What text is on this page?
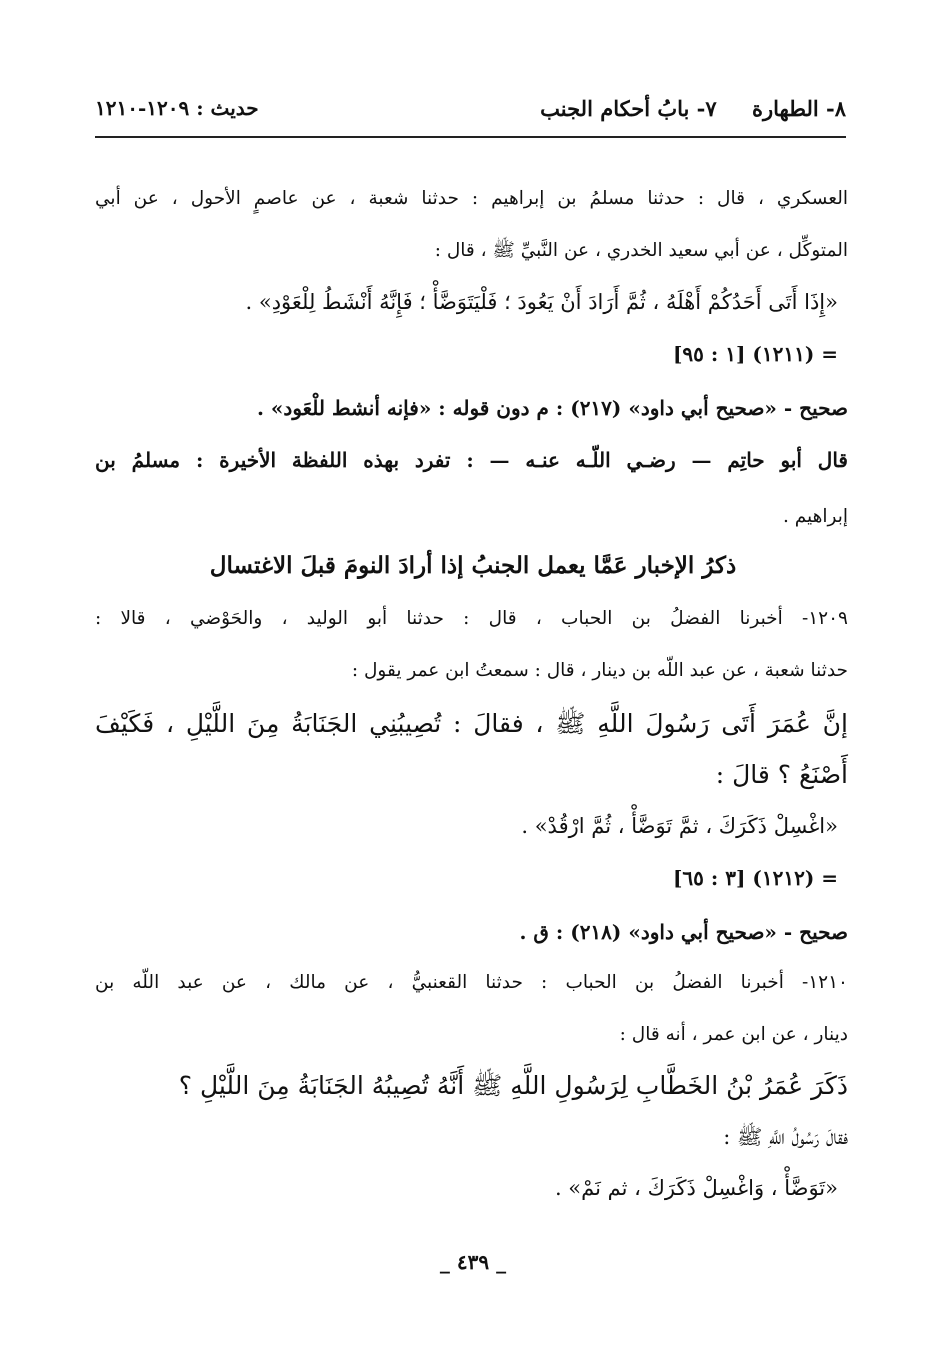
٨- الطهارة ٧- بابُ أحكام الجنب
حديث : ١٢٠٩-١٢١٠
العسكري ، قال : حدثنا مسلمُ بن إبراهيم : حدثنا شعبة ، عن عاصمٍ الأحول ، عن أبي
المتوكِّل ، عن أبي سعيد الخدري ، عن النَّبيِّ ﷺ ، قال :
«إِذَا أَتَى أَحَدُكُمْ أَهْلَهُ ، ثُمَّ أَرَادَ أَنْ يَعُودَ ؛ فَلْيَتَوَضَّأْ ؛ فَإِنَّهُ أَنْشَطُ لِلْعَوْدِ» .
= (١٢١١) [١ : ٩٥]
صحيح - «صحيح أبي داود» (٢١٧) : م دون قوله : «فإنه أنشط للْعَود» .
قال أبو حاتِم — رضـي اللّـه عنـه — : تفرد بهذه اللفظة الأخيرة : مسلمُ بن
إبراهيم .
ذكرُ الإخبار عَمَّا يعمل الجنبُ إذا أرادَ النومَ قبلَ الاغتسال
١٢٠٩- أخبرنا الفضلُ بن الحباب ، قال : حدثنا أبو الوليد ، والحَوْضي ، قالا :
حدثنا شعبة ، عن عبد اللّه بن دينار ، قال : سمعتُ ابن عمر يقول :
إنَّ عُمَرَ أَتَى رَسُولَ اللَّهِ ﷺ ، فقالَ : تُصِيبُنِي الجَنَابَةُ مِنَ اللَّيْلِ ، فَكَيْفَ
أَصْنَعُ ؟ قالَ :
«اغْسِلْ ذَكَرَكَ ، ثمَّ تَوَضَّأْ ، ثُمَّ ارْقُدْ» .
= (١٢١٢) [٣ : ٦٥]
صحيح - «صحيح أبي داود» (٢١٨) : ق .
١٢١٠- أخبرنا الفضلُ بن الحباب : حدثنا القعنبيُّ ، عن مالك ، عن عبد اللّه بن
دينار ، عن ابن عمر ، أنه قال :
ذَكَرَ عُمَرُ بْنُ الخَطَّابِ لِرَسُولِ اللَّهِ ﷺ أَنَّهُ تُصِيبُهُ الجَنَابَةُ مِنَ اللَّيْلِ ؟
فقالَ رَسُولُ اللَّهِ ﷺ :
«تَوَضَّأْ ، وَاغْسِلْ ذَكَرَكَ ، ثم نَمْ» .
_ ٤٣٩ _
